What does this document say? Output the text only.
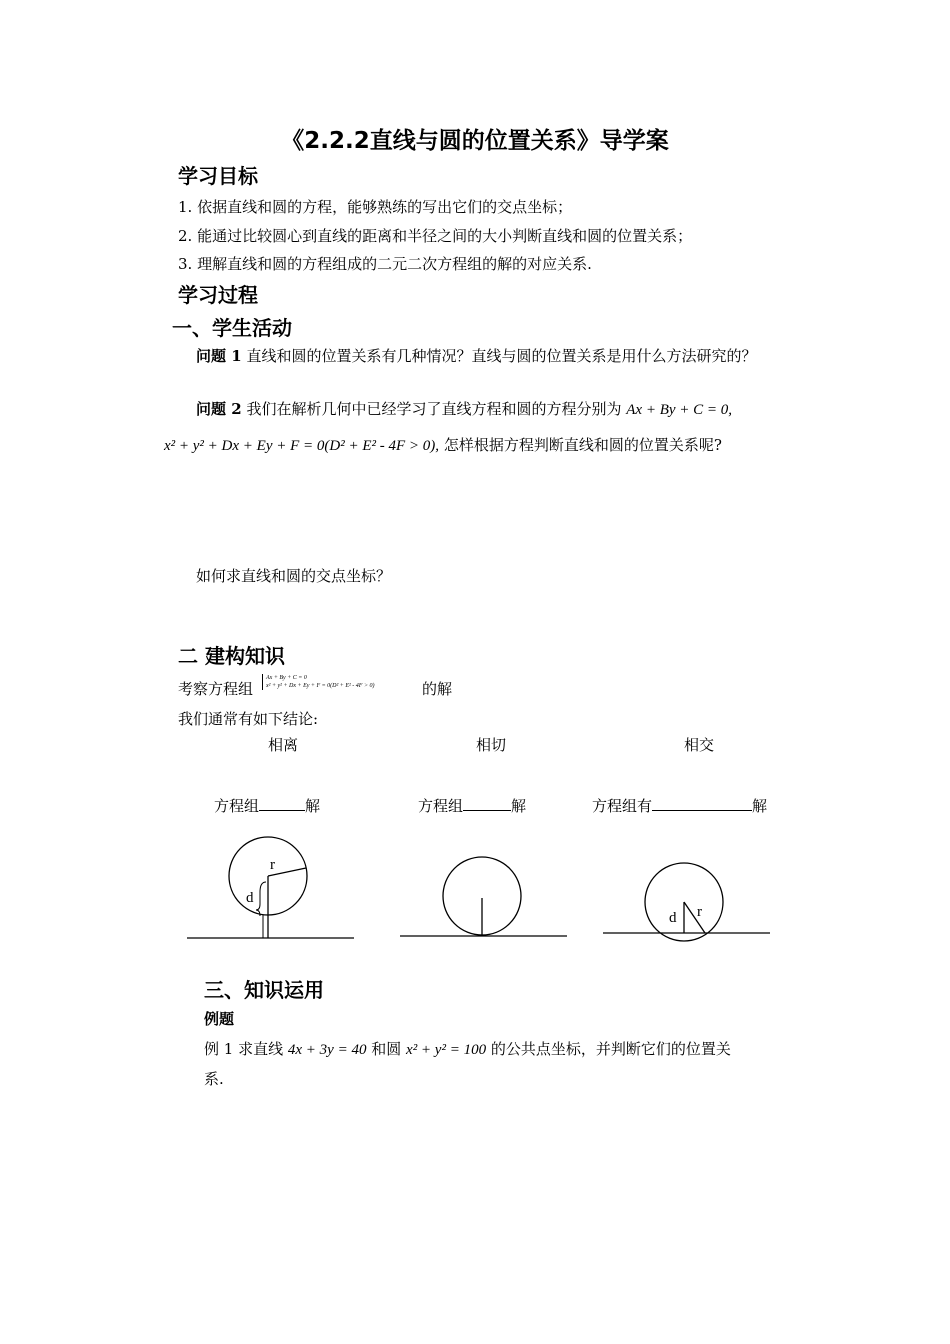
《2.2.2直线与圆的位置关系》导学案
学习目标
1. 依据直线和圆的方程，能够熟练的写出它们的交点坐标；
2. 能通过比较圆心到直线的距离和半径之间的大小判断直线和圆的位置关系；
3. 理解直线和圆的方程组成的二元二次方程组的解的对应关系.
学习过程
一、学生活动
问题 1 直线和圆的位置关系有几种情况？直线与圆的位置关系是用什么方法研究的？
问题 2 我们在解析几何中已经学习了直线方程和圆的方程分别为 Ax + By + C = 0,
x² + y² + Dx + Ey + F = 0(D² + E² - 4F > 0), 怎样根据方程判断直线和圆的位置关系呢?
如何求直线和圆的交点坐标？
二 建构知识
考察方程组
Ax + By + C = 0
x² + y² + Dx + Ey + F = 0(D² + E² - 4F > 0)	的解
我们通常有如下结论:
相离	相切	相交
方程组	解	方程组	解	方程组有	解
r
d
r
d
三、知识运用
例题
例 1 求直线 4x + 3y = 40 和圆 x² + y² = 100 的公共点坐标，并判断它们的位置关
系.
